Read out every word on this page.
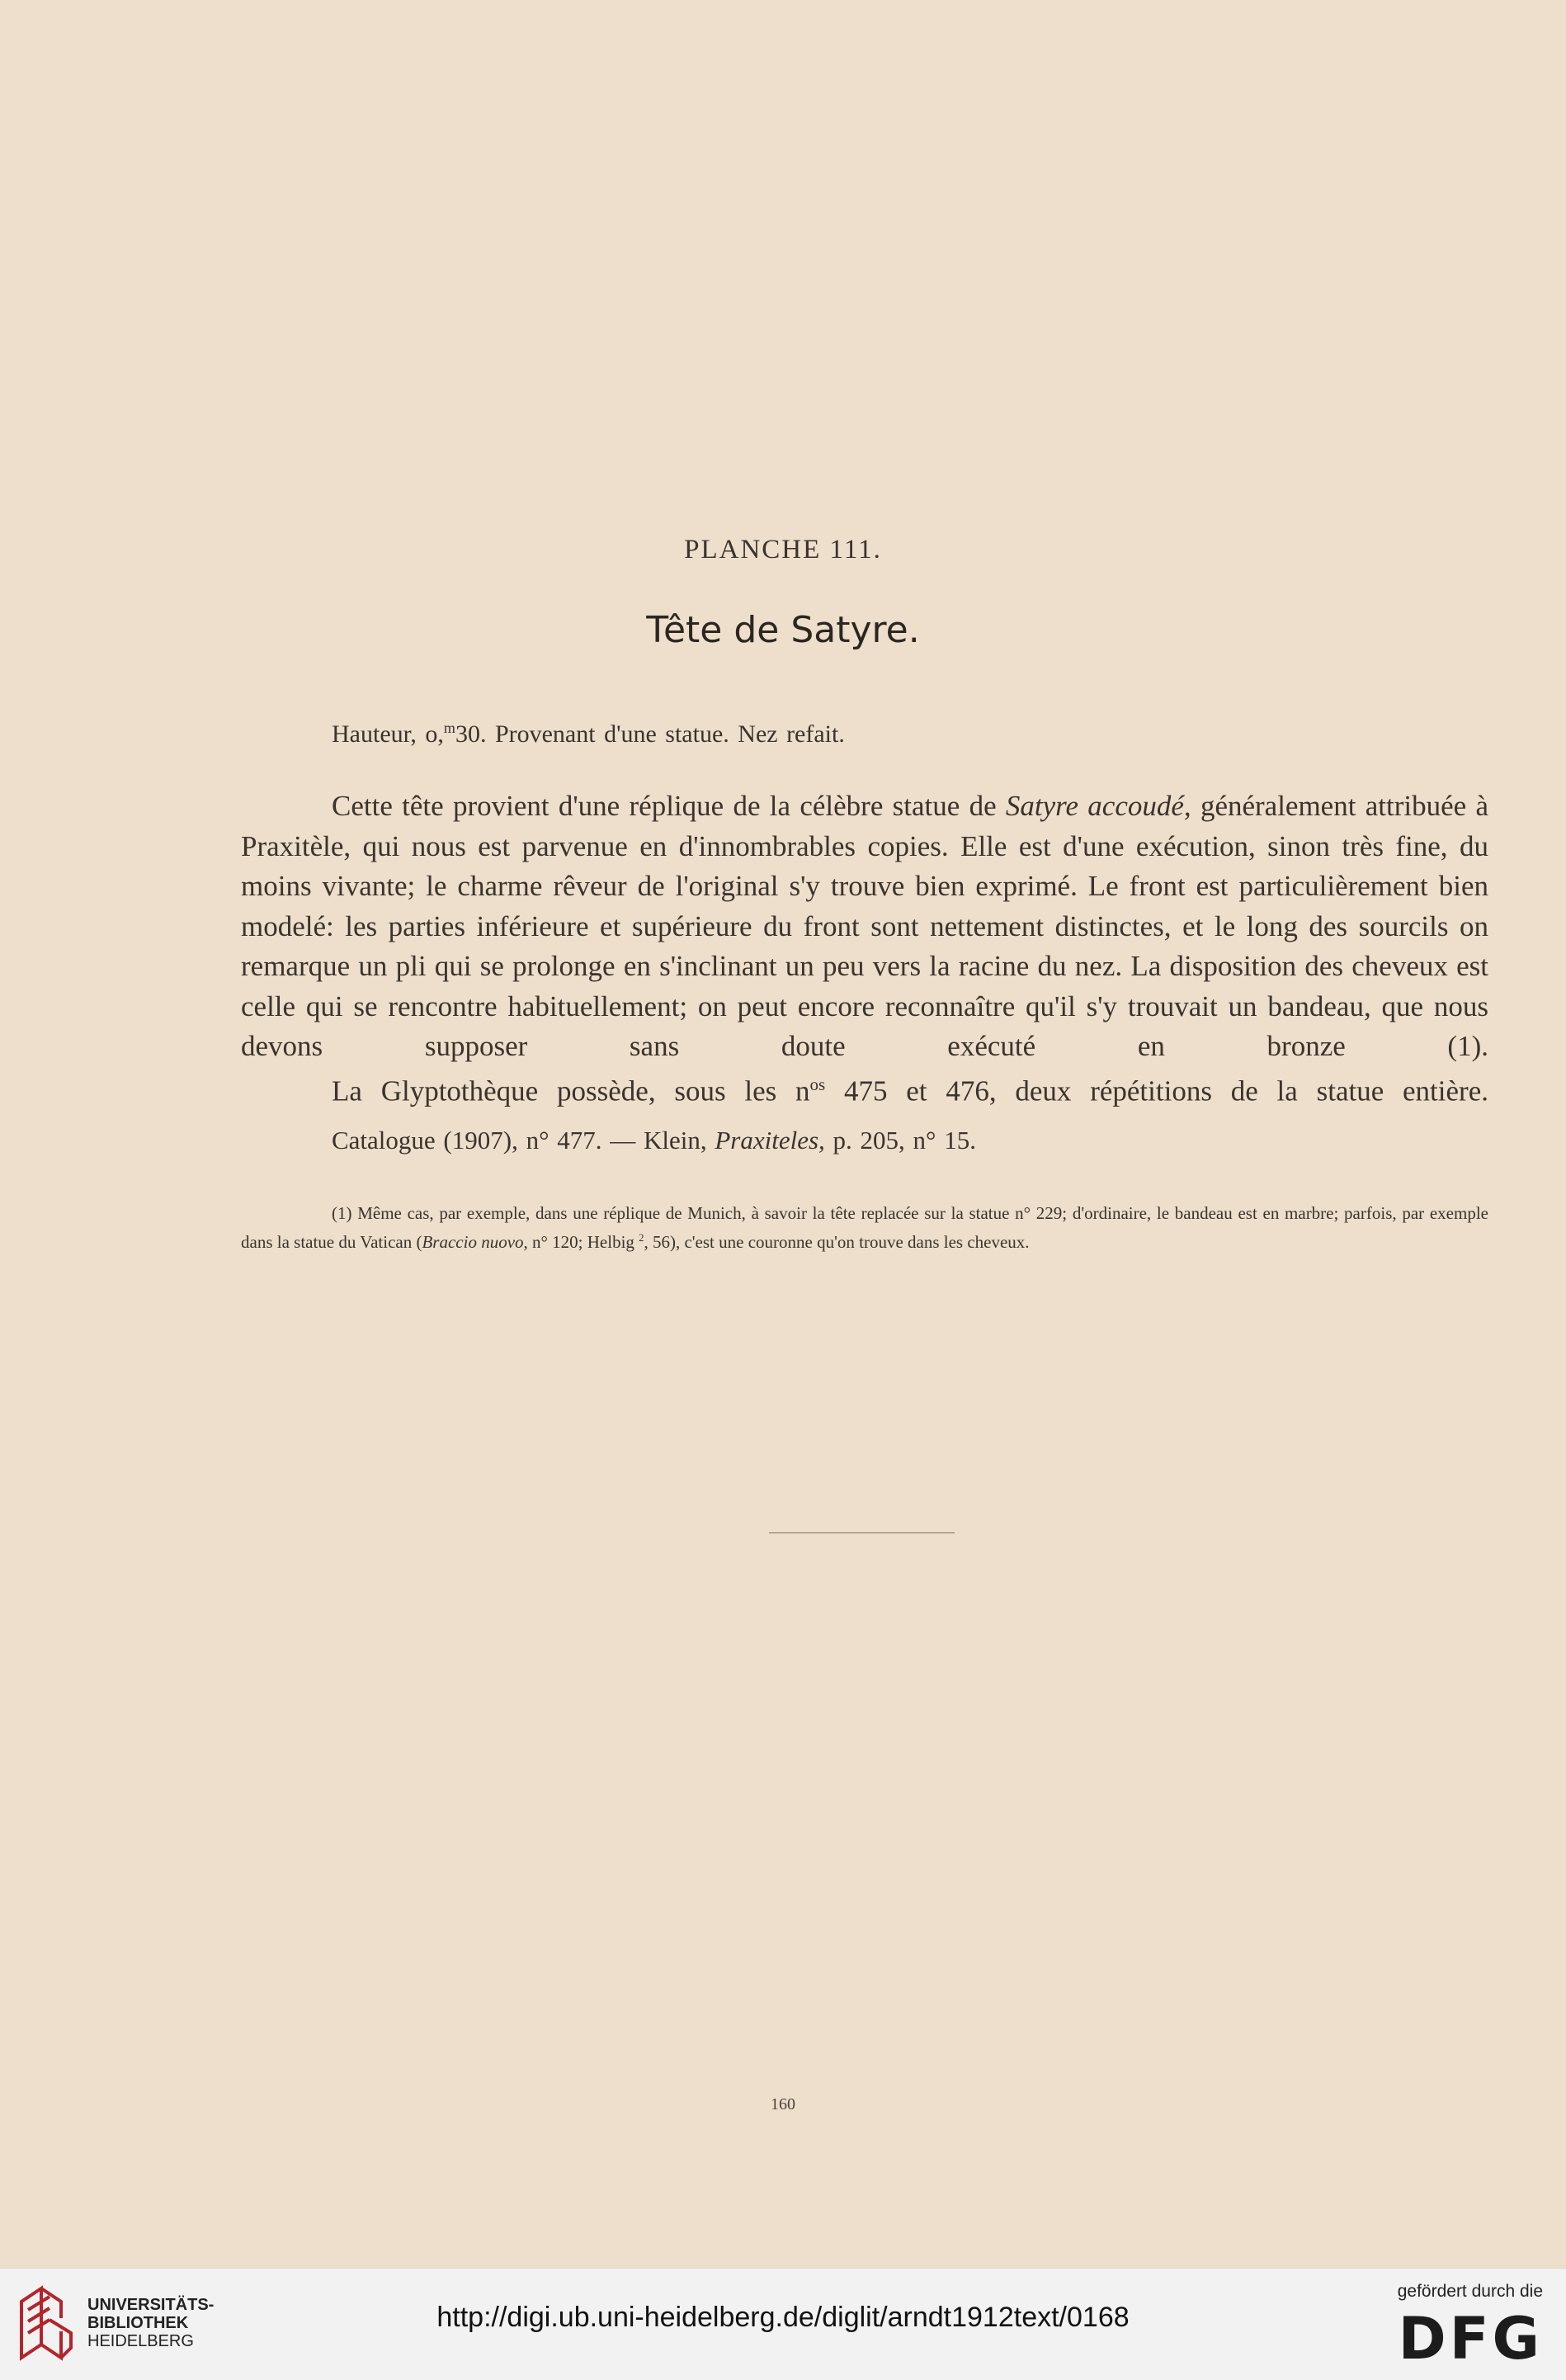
PLANCHE 111.
Tête de Satyre.
Hauteur, o,$^m$30. Provenant d'une statue. Nez refait.

Cette tête provient d'une réplique de la célèbre statue de Satyre accoudé, généralement attribuée à Praxitèle, qui nous est parvenue en d'innombrables copies. Elle est d'une exécution, sinon très fine, du moins vivante; le charme rêveur de l'original s'y trouve bien exprimé. Le front est particulièrement bien modelé: les parties inférieure et supérieure du front sont nettement distinctes, et le long des sourcils on remarque un pli qui se prolonge en s'inclinant un peu vers la racine du nez. La disposition des cheveux est celle qui se rencontre habituellement; on peut encore reconnaître qu'il s'y trouvait un bandeau, que nous devons supposer sans doute exécuté en bronze (1).

La Glyptothèque possède, sous les $n^{os}$ 475 et 476, deux répétitions de la statue entière.

Catalogue (1907), n° 477. — Klein, Praxiteles, p. 205, n° 15.

(1) Même cas, par exemple, dans une réplique de Munich, à savoir la tête replacée sur la statue n° 229; d'ordinaire, le bandeau est en marbre; parfois, par exemple dans la statue du Vatican (Braccio nuovo, n° 120; Helbig $^2$, 56), c'est une couronne qu'on trouve dans les cheveux.

160
UNIVERSITÄTS-
BIBLIOTHEK
HEIDELBERG
http://digi.ub.uni-heidelberg.de/diglit/arndt1912text/0168
gefördert durch die
DFG
